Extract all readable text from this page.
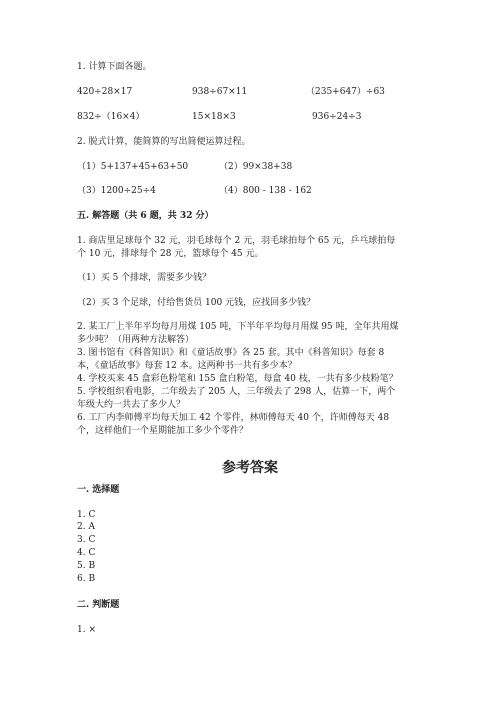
1. 计算下面各题。
420÷28×17	938÷67×11	（235+647）÷63
832÷（16×4）	15×18×3	936÷24÷3
2. 脱式计算，能简算的写出简便运算过程。
（1）5+137+45+63+50	（2）99×38+38
（3）1200÷25÷4	（4）800 - 138 - 162
五. 解答题（共 6 题，共 32 分）
1. 商店里足球每个 32 元，羽毛球每个 2 元，羽毛球拍每个 65 元，乒乓球拍每
个 10 元，排球每个 28 元，篮球每个 45 元。
（1）买 5 个排球，需要多少钱？
（2）买 3 个足球，付给售货员 100 元钱，应找回多少钱？
2. 某工厂上半年平均每月用煤 105 吨，下半年平均每月用煤 95 吨，全年共用煤
多少吨？（用两种方法解答）
3. 图书馆有《科普知识》和《童话故事》各 25 套。其中《科普知识》每套 8
本，《童话故事》每套 12 本。这两种书一共有多少本？
4. 学校买来 45 盒彩色粉笔和 155 盒白粉笔，每盒 40 枝，一共有多少枝粉笔？
5. 学校组织看电影，二年级去了 205 人，三年级去了 298 人，估算一下，两个
年级大约一共去了多少人？
6. 工厂内李师傅平均每天加工 42 个零件，林师傅每天 40 个，许师傅每天 48
个，这样他们一个星期能加工多少个零件？
参考答案
一. 选择题
1. C
2. A
3. C
4. C
5. B
6. B
二. 判断题
1. ×
